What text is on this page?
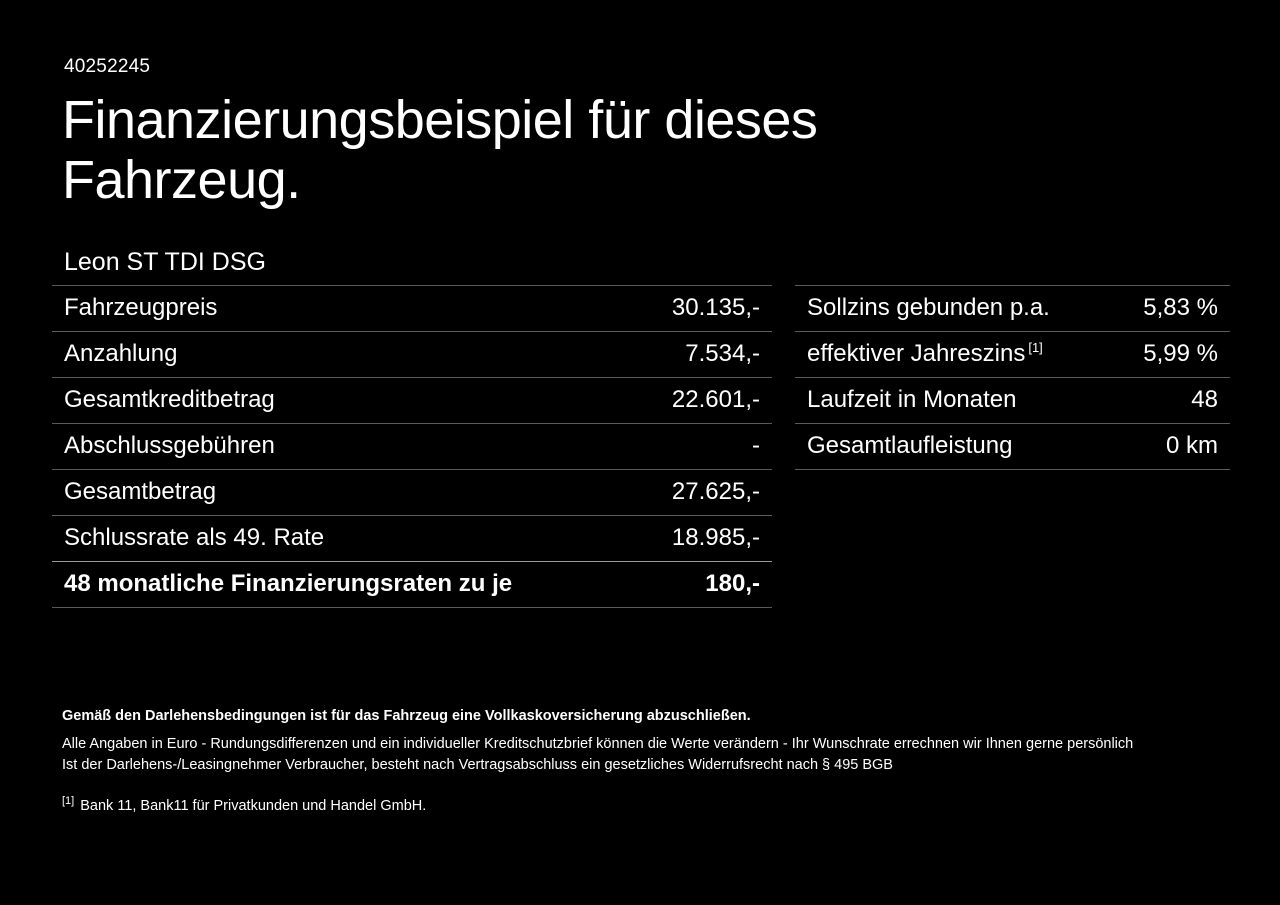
40252245
Finanzierungsbeispiel für dieses Fahrzeug.
Leon ST TDI DSG
Fahrzeugpreis	30.135,-
Anzahlung	7.534,-
Gesamtkreditbetrag	22.601,-
Abschlussgebühren	-
Gesamtbetrag	27.625,-
Schlussrate als 49. Rate	18.985,-
48 monatliche Finanzierungsraten zu je	180,-
Sollzins gebunden p.a.	5,83 %
effektiver Jahreszins [1]	5,99 %
Laufzeit in Monaten	48
Gesamtlaufleistung	0 km
Gemäß den Darlehensbedingungen ist für das Fahrzeug eine Vollkaskoversicherung abzuschließen.
Alle Angaben in Euro - Rundungsdifferenzen und ein individueller Kreditschutzbrief können die Werte verändern - Ihr Wunschrate errechnen wir Ihnen gerne persönlich
Ist der Darlehens-/Leasingnehmer Verbraucher, besteht nach Vertragsabschluss ein gesetzliches Widerrufsrecht nach § 495 BGB
[1] Bank 11, Bank11 für Privatkunden und Handel GmbH.
